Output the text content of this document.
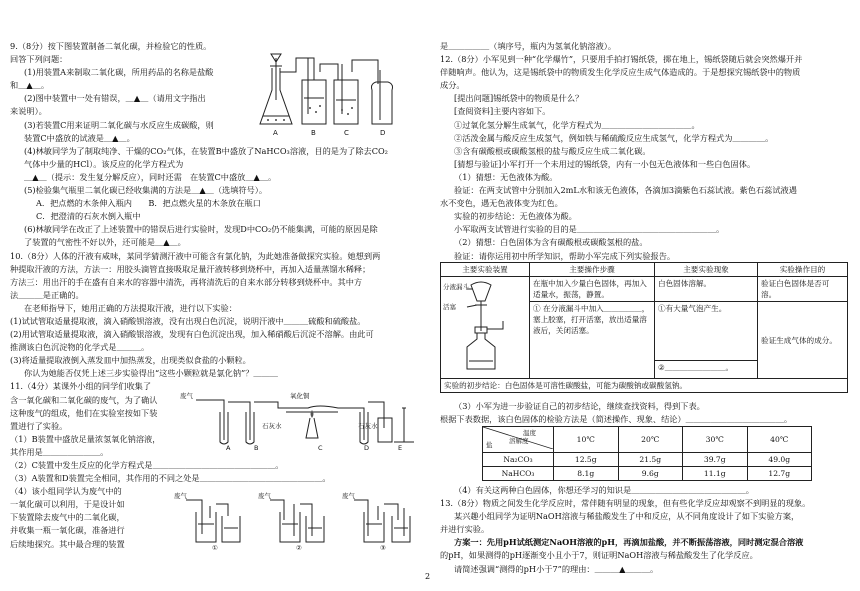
9.（8分）按下图装置制备二氧化碳，并检验它的性质。

回答下列问题：

(1)用装置A来制取二氧化碳，所用药品的名称是盐酸

和＿▲＿。

(2)图中装置中一处有错误，＿▲＿（请用文字指出

来说明）。

(3)若装置C用来证明二氧化碳与水反应生成碳酸，则

装置C中盛放的试液是＿▲＿。

(4)林敏同学为了制取纯净、干燥的CO₂气体，在装置B中盛放了NaHCO₃溶液，目的是为了除去CO₂

气体中少量的HCl）。该反应的化学方程式为

＿▲＿（提示：发生复分解反应），同时还需　在装置C中盛放＿▲＿。

(5)检验集气瓶里二氧化碳已经收集满的方法是＿▲＿（选填符号）。

A．把点燃的木条伸入瓶内　　B．把点燃火星的木条放在瓶口

C．把澄清的石灰水倒入瓶中

(6)林敏同学在改正了上述装置中的错误后进行实验时，发现D中CO₂仍不能集满，可能的原因是除

了装置的气密性不好以外，还可能是＿▲＿。

10.（8分）人体的汗液有咸味，某同学猜测汗液中可能含有氯化钠，为此她准备做探究实验。她想到两

种提取汗液的方法，方法一：用胶头滴管直接吸取足量汗液转移到烧杯中，再加入适量蒸馏水稀释；

方法三：用出汗的手在盛有自来水的容器中清洗，再将清洗后的自来水部分转移到烧杯中。其中方

法＿＿＿是正确的。

在老师指导下，她用正确的方法提取汗液，进行以下实验：

(1)试试管取适量提取液，滴入硝酸钡溶液，没有出现白色沉淀，说明汗液中＿＿＿硫酸和硫酸盐。

(2)用试管取适量提取液，滴入硝酸银溶液，发现有白色沉淀出现，加入稀硝酸后沉淀不溶解。由此可

推测该白色沉淀物的化学式是＿＿＿。

(3)将适量提取液倒入蒸发皿中加热蒸发，出现类似食盐的小颗粒。

你认为她能否仅凭上述三步实验得出“这些小颗粒就是氯化钠”？＿＿＿

11.（4分）某课外小组的同学们收集了

含一氧化碳和二氧化碳的废气，为了确认

这种废气的组成，他们在实验室按如下装

置进行了实验。

（1）B装置中盛放足量浓氢氧化钠溶液，

其作用是＿＿＿＿＿＿＿。

（2）C装置中发生反应的化学方程式是＿＿＿＿＿＿＿＿＿＿＿＿＿＿＿。

（3）A装置和D装置完全相同，其作用的不同之处是＿＿＿＿＿＿＿＿＿＿＿＿＿＿＿。

（4）该小组同学认为废气中的

一氧化碳可以利用，于是设计如

下装置除去废气中的二氧化碳，

并收集一瓶一氧化碳，准备进行

后续地探究。其中最合理的装置

A	B	C	D
废气	氧化铜
石灰水	石灰水
A	B	C	D	E
废气	废气	废气
①	②	③

是＿＿＿＿＿（填序号，瓶内为氢氧化钠溶液）。

12.（8分）小军见到一种“化学爆竹”，只要用手拍打锡纸袋，掷在地上，锡纸袋随后就会突然爆开并

伴随响声。他认为，这是锡纸袋中的物质发生化学反应生成气体造成的。于是想探究锡纸袋中的物质

成分。

[提出问题]锡纸袋中的物质是什么？

[查阅资料]主要内容如下。

①过氧化氢分解生成氧气，化学方程式为＿＿＿＿＿＿＿＿＿＿＿。

②活泼金属与酸反应生成氢气，例如铁与稀硫酸反应生成氢气，化学方程式为＿＿＿＿。

③含有碳酸根或碳酸氢根的盐与酸反应生成二氧化碳。

[猜想与验证]小军打开一个未用过的锡纸袋，内有一小包无色液体和一些白色固体。

（1）猜想：无色液体为酸。

验证：在两支试管中分别加入2mL水和该无色液体，各滴加3滴紫色石蕊试液。紫色石蕊试液遇

水不变色，遇无色液体变为红色。

实验的初步结论：无色液体为酸。

小军取两支试管进行实验的目的是＿＿＿＿＿＿＿＿＿＿＿＿＿＿＿＿＿。

（2）猜想：白色固体为含有碳酸根或碳酸氢根的盐。

验证：请你运用初中所学知识，帮助小军完成下列实验报告。

主要实验装置	主要操作步骤	主要实验现象	实验操作目的

分液漏斗
活塞	在瓶中加入少量白色固体，再加入适量水，振荡，静置。	白色固体溶解。	验证白色固体是否可溶。
	① 在分液漏斗中加入＿＿＿＿＿，塞上胶塞，打开活塞，放出适量溶液后，关闭活塞。	①有大量气泡产生。	验证生成气体的成分。
		②＿＿＿＿＿＿＿＿。	
实验的初步结论：白色固体是可溶性碳酸盐，可能为碳酸钠或碳酸氢钠。			

（3）小军为进一步验证自己的初步结论，继续查找资料，得到下表。

根据下表数据，该白色固体的检验方法是（简述操作、现象、结论）＿＿＿＿＿＿＿＿＿＿＿＿。

温度
溶解度
盐	10℃	20℃	30℃	40℃
Na₂CO₃	12.5g	21.5g	39.7g	49.0g
NaHCO₃	8.1g	9.6g	11.1g	12.7g

（4）有关这两种白色固体，你想还学习的知识是＿＿＿＿＿＿＿＿＿＿＿＿＿＿。

13.（8分）物质之间发生化学反应时，常伴随有明显的现象，但有些化学反应却观察不到明显的现象。

某兴趣小组同学为证明NaOH溶液与稀盐酸发生了中和反应，从不同角度设计了如下实验方案，

并进行实验。

方案一：先用pH试纸测定NaOH溶液的pH，再滴加盐酸，并不断振荡溶液，同时测定混合溶液

的pH，如果测得的pH逐渐变小且小于7，则证明NaOH溶液与稀盐酸发生了化学反应。

请简述强调“测得的pH小于7”的理由：＿＿＿▲＿＿＿。

2
